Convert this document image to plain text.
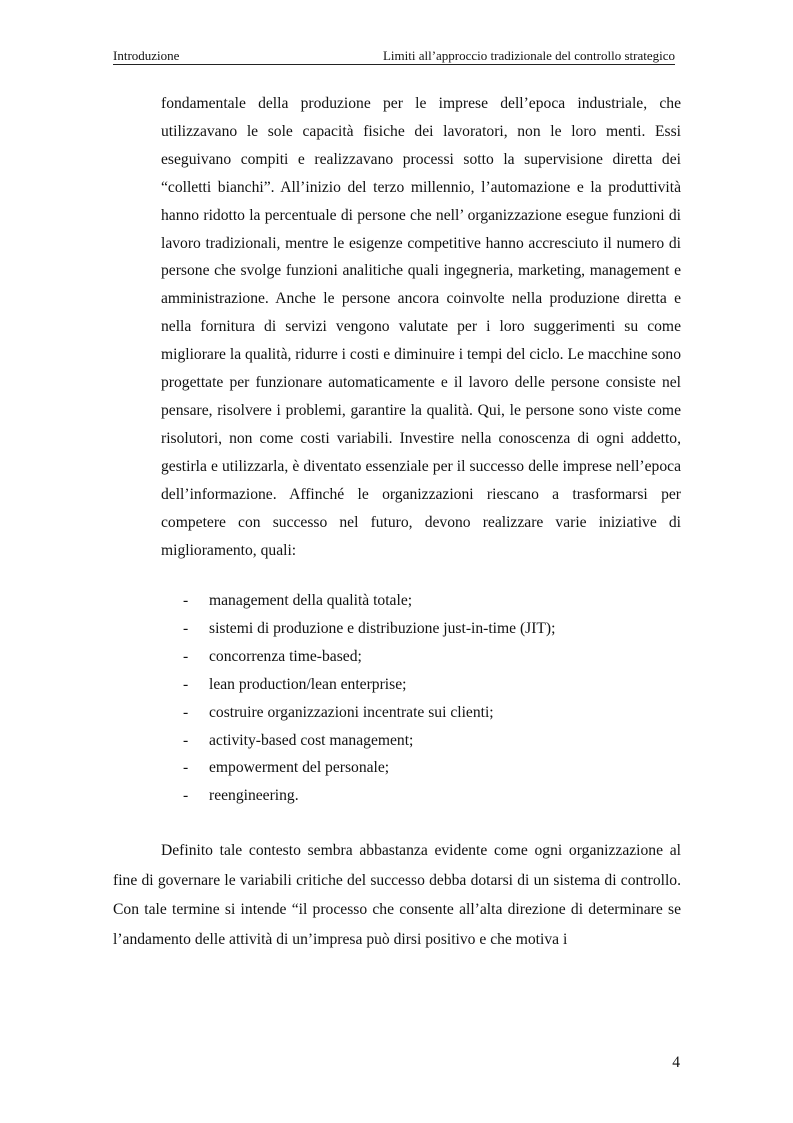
Introduzione	Limiti all’approccio tradizionale del controllo strategico

fondamentale della produzione per le imprese dell’epoca industriale, che utilizzavano le sole capacità fisiche dei lavoratori, non le loro menti. Essi eseguivano compiti e realizzavano processi sotto la supervisione diretta dei “colletti bianchi”. All’inizio del terzo millennio, l’automazione e la produttività hanno ridotto la percentuale di persone che nell’ organizzazione esegue funzioni di lavoro tradizionali, mentre le esigenze competitive hanno accresciuto il numero di persone che svolge funzioni analitiche quali ingegneria, marketing, management e amministrazione. Anche le persone ancora coinvolte nella produzione diretta e nella fornitura di servizi vengono valutate per i loro suggerimenti su come migliorare la qualità, ridurre i costi e diminuire i tempi del ciclo. Le macchine sono progettate per funzionare automaticamente e il lavoro delle persone consiste nel pensare, risolvere i problemi, garantire la qualità. Qui, le persone sono viste come risolutori, non come costi variabili. Investire nella conoscenza di ogni addetto, gestirla e utilizzarla, è diventato essenziale per il successo delle imprese nell’epoca dell’informazione. Affinché le organizzazioni riescano a trasformarsi per competere con successo nel futuro, devono realizzare varie iniziative di miglioramento, quali:

- management della qualità totale;
- sistemi di produzione e distribuzione just-in-time (JIT);
- concorrenza time-based;
- lean production/lean enterprise;
- costruire organizzazioni incentrate sui clienti;
- activity-based cost management;
- empowerment del personale;
- reengineering.

Definito tale contesto sembra abbastanza evidente come ogni organizzazione al fine di governare le variabili critiche del successo debba dotarsi di un sistema di controllo. Con tale termine si intende “il processo che consente all’alta direzione di determinare se l’andamento delle attività di un’impresa può dirsi positivo e che motiva i

4
